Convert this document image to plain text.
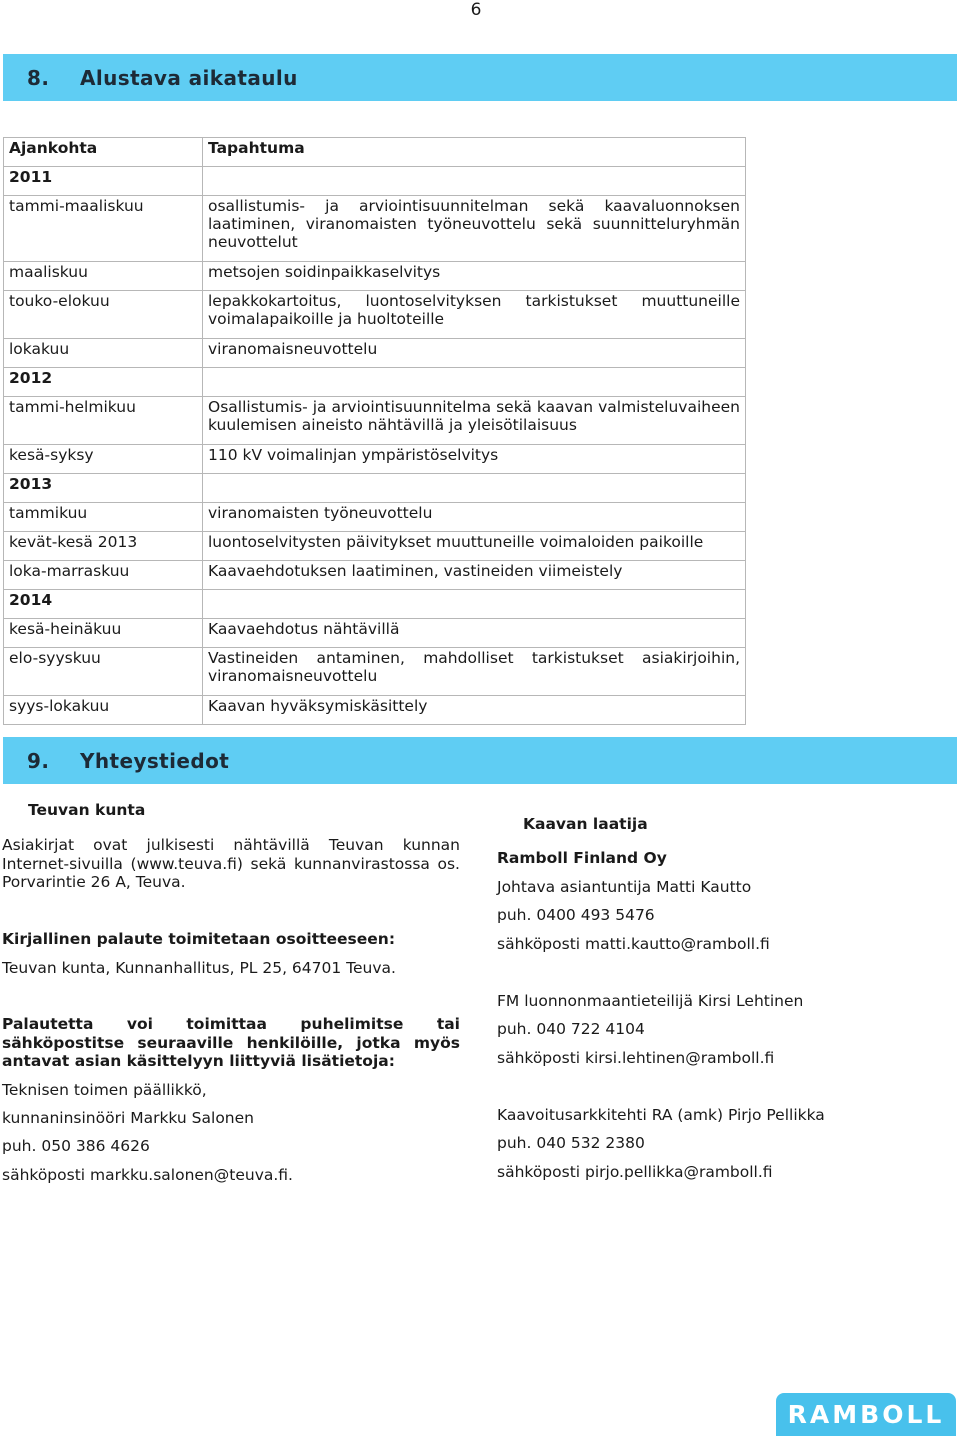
6
8. Alustava aikataulu
Ajankohta	Tapahtuma
2011	
tammi-maaliskuu	osallistumis- ja arviointisuunnitelman sekä kaavaluonnoksen laatiminen, viranomaisten työneuvottelu sekä suunnitteluryhmän neuvottelut
maaliskuu	metsojen soidinpaikkaselvitys
touko-elokuu	lepakkokartoitus, luontoselvityksen tarkistukset muuttuneille voimalapaikoille ja huoltoteille
lokakuu	viranomaisneuvottelu
2012	
tammi-helmikuu	Osallistumis- ja arviointisuunnitelma sekä kaavan valmisteluvaiheen kuulemisen aineisto nähtävillä ja yleisötilaisuus
kesä-syksy	110 kV voimalinjan ympäristöselvitys
2013	
tammikuu	viranomaisten työneuvottelu
kevät-kesä 2013	luontoselvitysten päivitykset muuttuneille voimaloiden paikoille
loka-marraskuu	Kaavaehdotuksen laatiminen, vastineiden viimeistely
2014	
kesä-heinäkuu	Kaavaehdotus nähtävillä
elo-syyskuu	Vastineiden antaminen, mahdolliset tarkistukset asiakirjoihin, viranomaisneuvottelu
syys-lokakuu	Kaavan hyväksymiskäsittely
9. Yhteystiedot
Teuvan kunta
Asiakirjat ovat julkisesti nähtävillä Teuvan kunnan Internet-sivuilla (www.teuva.fi) sekä kunnanvirastossa os. Porvarintie 26 A, Teuva.
Kirjallinen palaute toimitetaan osoitteeseen:
Teuvan kunta, Kunnanhallitus, PL 25, 64701 Teuva.
Palautetta voi toimittaa puhelimitse tai sähköpostitse seuraaville henkilöille, jotka myös antavat asian käsittelyyn liittyviä lisätietoja:
Teknisen toimen päällikkö,
kunnaninsinööri Markku Salonen
puh. 050 386 4626
sähköposti markku.salonen@teuva.fi.
Kaavan laatija
Ramboll Finland Oy
Johtava asiantuntija Matti Kautto
puh. 0400 493 5476
sähköposti matti.kautto@ramboll.fi
FM luonnonmaantieteilijä Kirsi Lehtinen
puh. 040 722 4104
sähköposti kirsi.lehtinen@ramboll.fi
Kaavoitusarkkitehti RA (amk) Pirjo Pellikka
puh. 040 532 2380
sähköposti pirjo.pellikka@ramboll.fi
RAMBOLL
